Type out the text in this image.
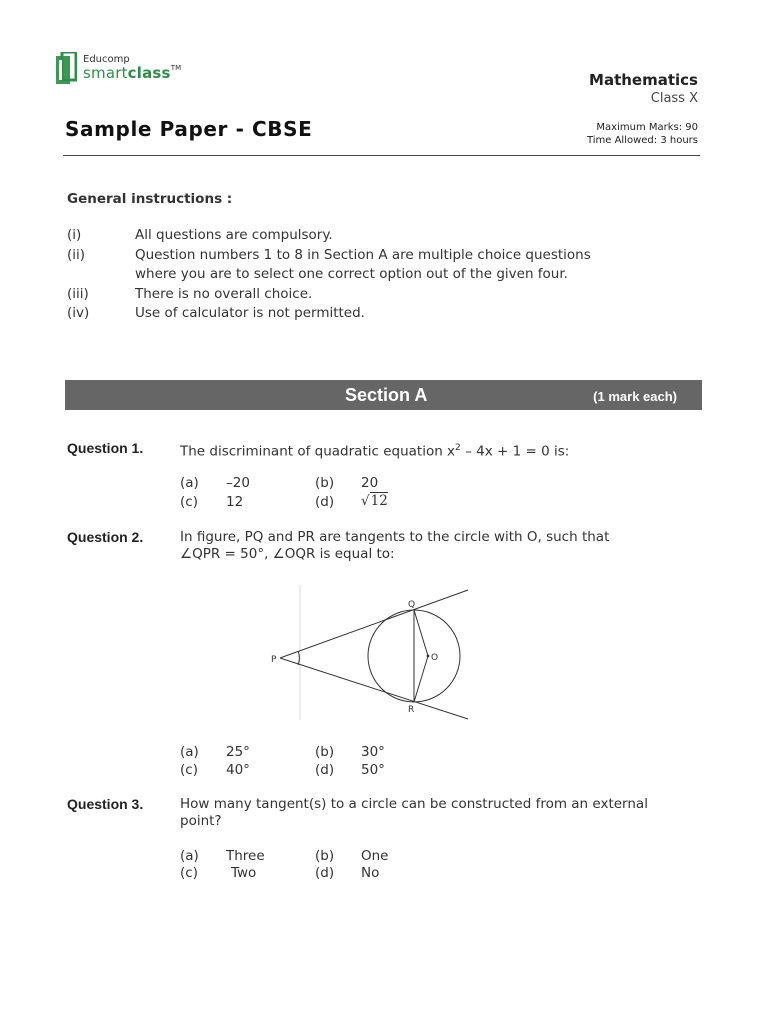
Educomp
smartclass™
Mathematics
Class X
Sample Paper - CBSE	Maximum Marks: 90
Time Allowed: 3 hours
General instructions :
(i)	All questions are compulsory.
(ii)	Question numbers 1 to 8 in Section A are multiple choice questions
where you are to select one correct option out of the given four.
(iii)	There is no overall choice.
(iv)	Use of calculator is not permitted.
Section A	(1 mark each)
Question 1.	The discriminant of quadratic equation $x^2 - 4x + 1 = 0$ is:
(a) –20	(b) 20
(c) 12	(d) √12
Question 2.	In figure, PQ and PR are tangents to the circle with O, such that
∠QPR = 50°, ∠OQR is equal to:
P
Q
R
O
(a) 25°	(b) 30°
(c) 40°	(d) 50°
Question 3.	How many tangent(s) to a circle can be constructed from an external
point?
(a) Three	(b) One
(c) Two	(d) No
